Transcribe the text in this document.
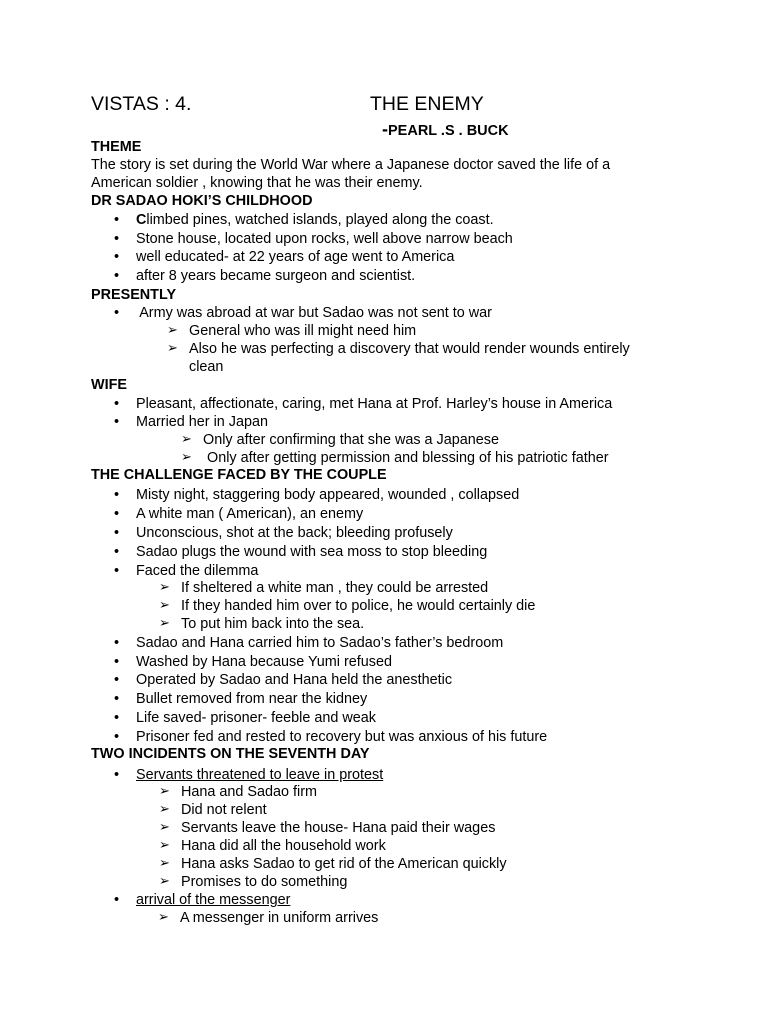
VISTAS : 4.	THE ENEMY
-PEARL .S . BUCK
THEME
The story is set during the World War where a Japanese doctor saved the life of a
American soldier , knowing that he was their enemy.
DR SADAO HOKI’S CHILDHOOD
• Climbed pines, watched islands, played along the coast.
• Stone house, located upon rocks, well above narrow beach
• well educated- at 22 years of age went to America
• after 8 years became surgeon and scientist.
PRESENTLY
•  Army was abroad at war but Sadao was not sent to war
➢ General who was ill might need him
➢ Also he was perfecting a discovery that would render wounds entirely
clean
WIFE
• Pleasant, affectionate, caring, met Hana at Prof. Harley’s house in America
• Married her in Japan
➢ Only after confirming that she was a Japanese
➢  Only after getting permission and blessing of his patriotic father
THE CHALLENGE FACED BY THE COUPLE
• Misty night, staggering body appeared, wounded , collapsed
• A white man ( American), an enemy
• Unconscious, shot at the back; bleeding profusely
• Sadao plugs the wound with sea moss to stop bleeding
• Faced the dilemma
➢ If sheltered a white man , they could be arrested
➢ If they handed him over to police, he would certainly die
➢ To put him back into the sea.
• Sadao and Hana carried him to Sadao’s father’s bedroom
• Washed by Hana because Yumi refused
• Operated by Sadao and Hana held the anesthetic
• Bullet removed from near the kidney
• Life saved- prisoner- feeble and weak
• Prisoner fed and rested to recovery but was anxious of his future
TWO INCIDENTS ON THE SEVENTH DAY
• Servants threatened to leave in protest
➢ Hana and Sadao firm
➢ Did not relent
➢ Servants leave the house- Hana paid their wages
➢ Hana did all the household work
➢ Hana asks Sadao to get rid of the American quickly
➢ Promises to do something
• arrival of the messenger
➢ A messenger in uniform arrives
